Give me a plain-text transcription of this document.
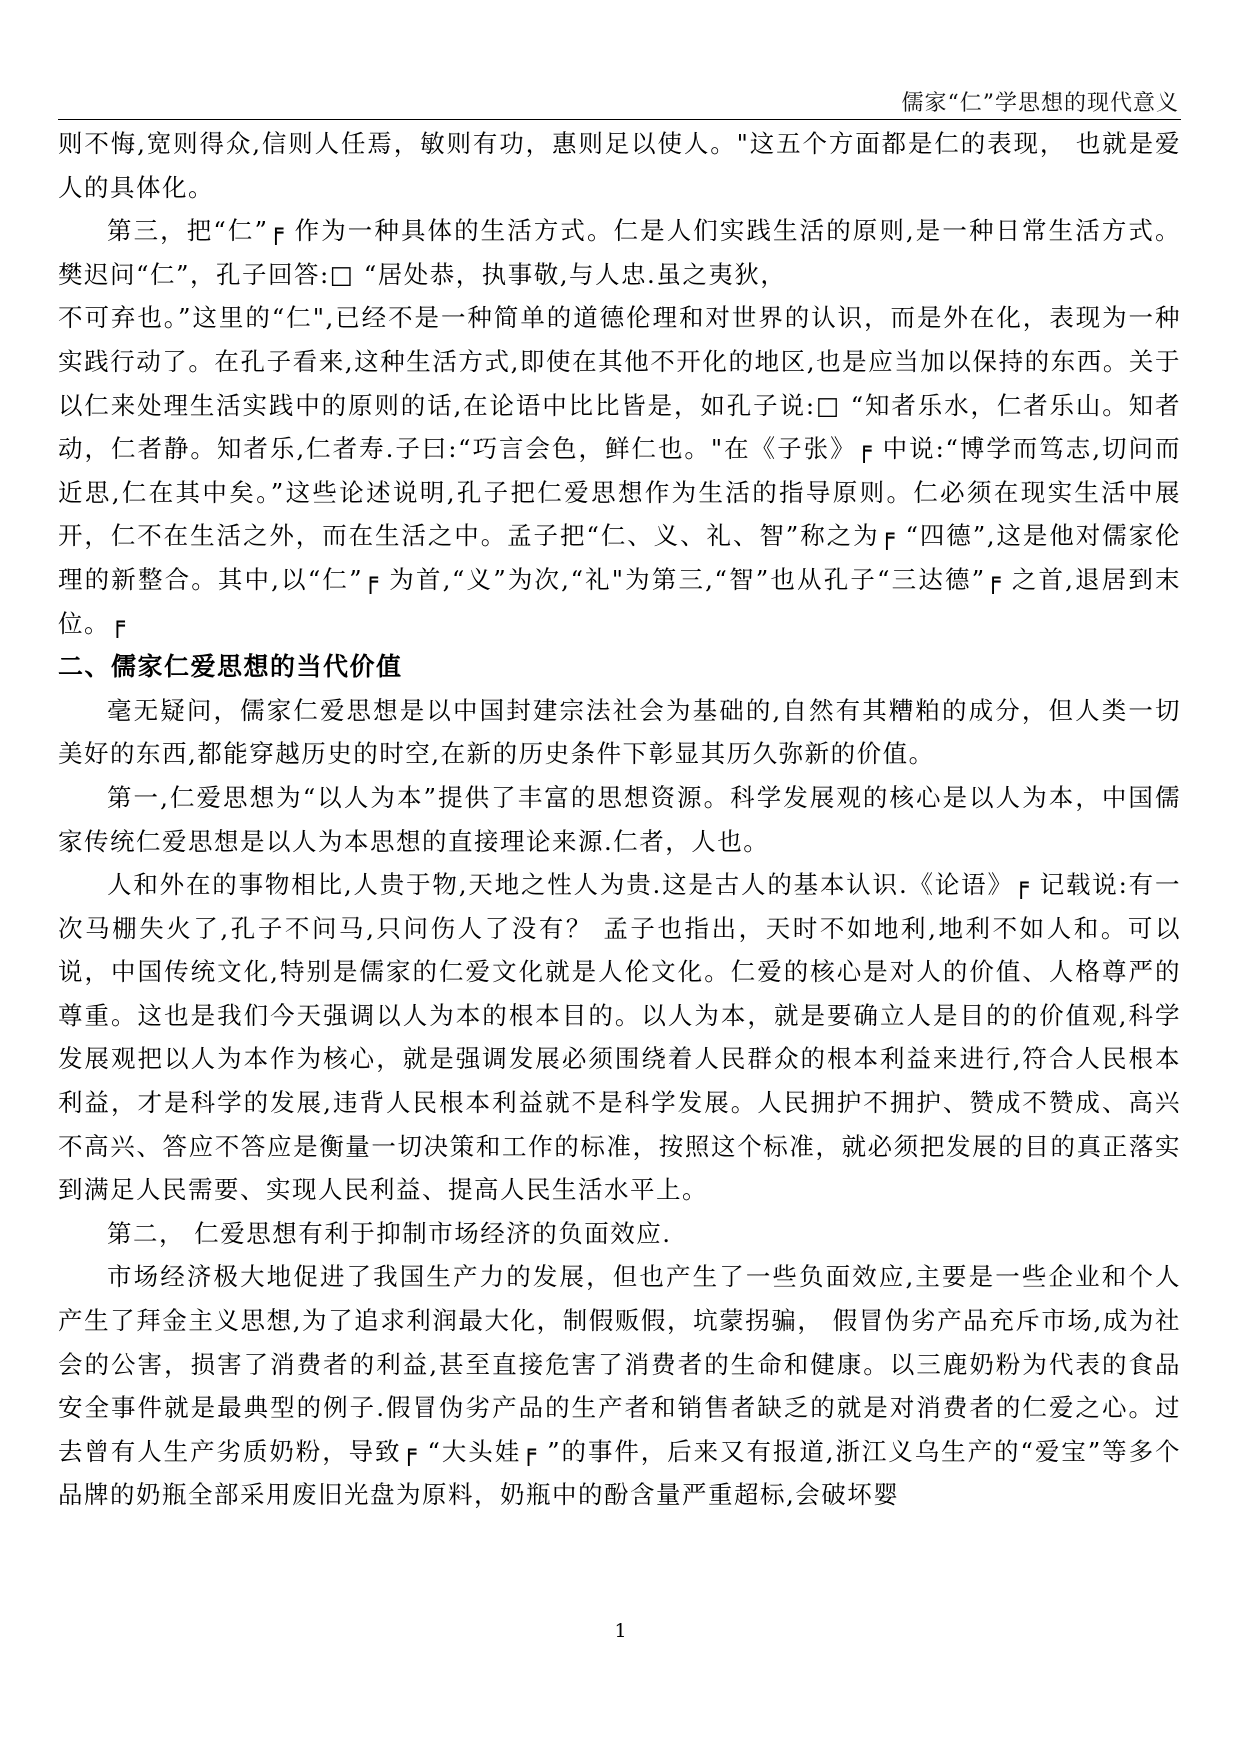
儒家“仁”学思想的现代意义

则不悔,宽则得众,信则人任焉，敏则有功，惠则足以使人。"这五个方面都是仁的表现， 也就是爱人的具体化。

第三，把“仁”╒ 作为一种具体的生活方式。仁是人们实践生活的原则,是一种日常生活方式。樊迟问“仁”，孔子回答:□ “居处恭，执事敬,与人忠.虽之夷狄，

不可弃也。”这里的“仁",已经不是一种简单的道德伦理和对世界的认识，而是外在化，表现为一种实践行动了。在孔子看来,这种生活方式,即使在其他不开化的地区,也是应当加以保持的东西。关于以仁来处理生活实践中的原则的话,在论语中比比皆是，如孔子说:□ “知者乐水，仁者乐山。知者动，仁者静。知者乐,仁者寿.子曰:“巧言会色，鲜仁也。"在《子张》╒ 中说:“博学而笃志,切问而近思,仁在其中矣。”这些论述说明,孔子把仁爱思想作为生活的指导原则。仁必须在现实生活中展开，仁不在生活之外，而在生活之中。孟子把“仁、义、礼、智”称之为╒ “四德”,这是他对儒家伦理的新整合。其中,以“仁”╒ 为首,“义”为次,“礼"为第三,“智”也从孔子“三达德”╒ 之首,退居到末位。╒

二、儒家仁爱思想的当代价值

毫无疑问，儒家仁爱思想是以中国封建宗法社会为基础的,自然有其糟粕的成分，但人类一切美好的东西,都能穿越历史的时空,在新的历史条件下彰显其历久弥新的价值。

第一,仁爱思想为“以人为本”提供了丰富的思想资源。科学发展观的核心是以人为本，中国儒家传统仁爱思想是以人为本思想的直接理论来源.仁者，人也。

人和外在的事物相比,人贵于物,天地之性人为贵.这是古人的基本认识.《论语》╒ 记载说:有一次马棚失火了,孔子不问马,只问伤人了没有？ 孟子也指出，天时不如地利,地利不如人和。可以说，中国传统文化,特别是儒家的仁爱文化就是人伦文化。仁爱的核心是对人的价值、人格尊严的尊重。这也是我们今天强调以人为本的根本目的。以人为本，就是要确立人是目的的价值观,科学发展观把以人为本作为核心，就是强调发展必须围绕着人民群众的根本利益来进行,符合人民根本利益，才是科学的发展,违背人民根本利益就不是科学发展。人民拥护不拥护、赞成不赞成、高兴不高兴、答应不答应是衡量一切决策和工作的标准，按照这个标准，就必须把发展的目的真正落实到满足人民需要、实现人民利益、提高人民生活水平上。

第二， 仁爱思想有利于抑制市场经济的负面效应.

市场经济极大地促进了我国生产力的发展，但也产生了一些负面效应,主要是一些企业和个人产生了拜金主义思想,为了追求利润最大化，制假贩假，坑蒙拐骗， 假冒伪劣产品充斥市场,成为社会的公害，损害了消费者的利益,甚至直接危害了消费者的生命和健康。以三鹿奶粉为代表的食品安全事件就是最典型的例子.假冒伪劣产品的生产者和销售者缺乏的就是对消费者的仁爱之心。过去曾有人生产劣质奶粉，导致╒ “大头娃╒ ”的事件，后来又有报道,浙江义乌生产的“爱宝”等多个品牌的奶瓶全部采用废旧光盘为原料，奶瓶中的酚含量严重超标,会破坏婴

1
